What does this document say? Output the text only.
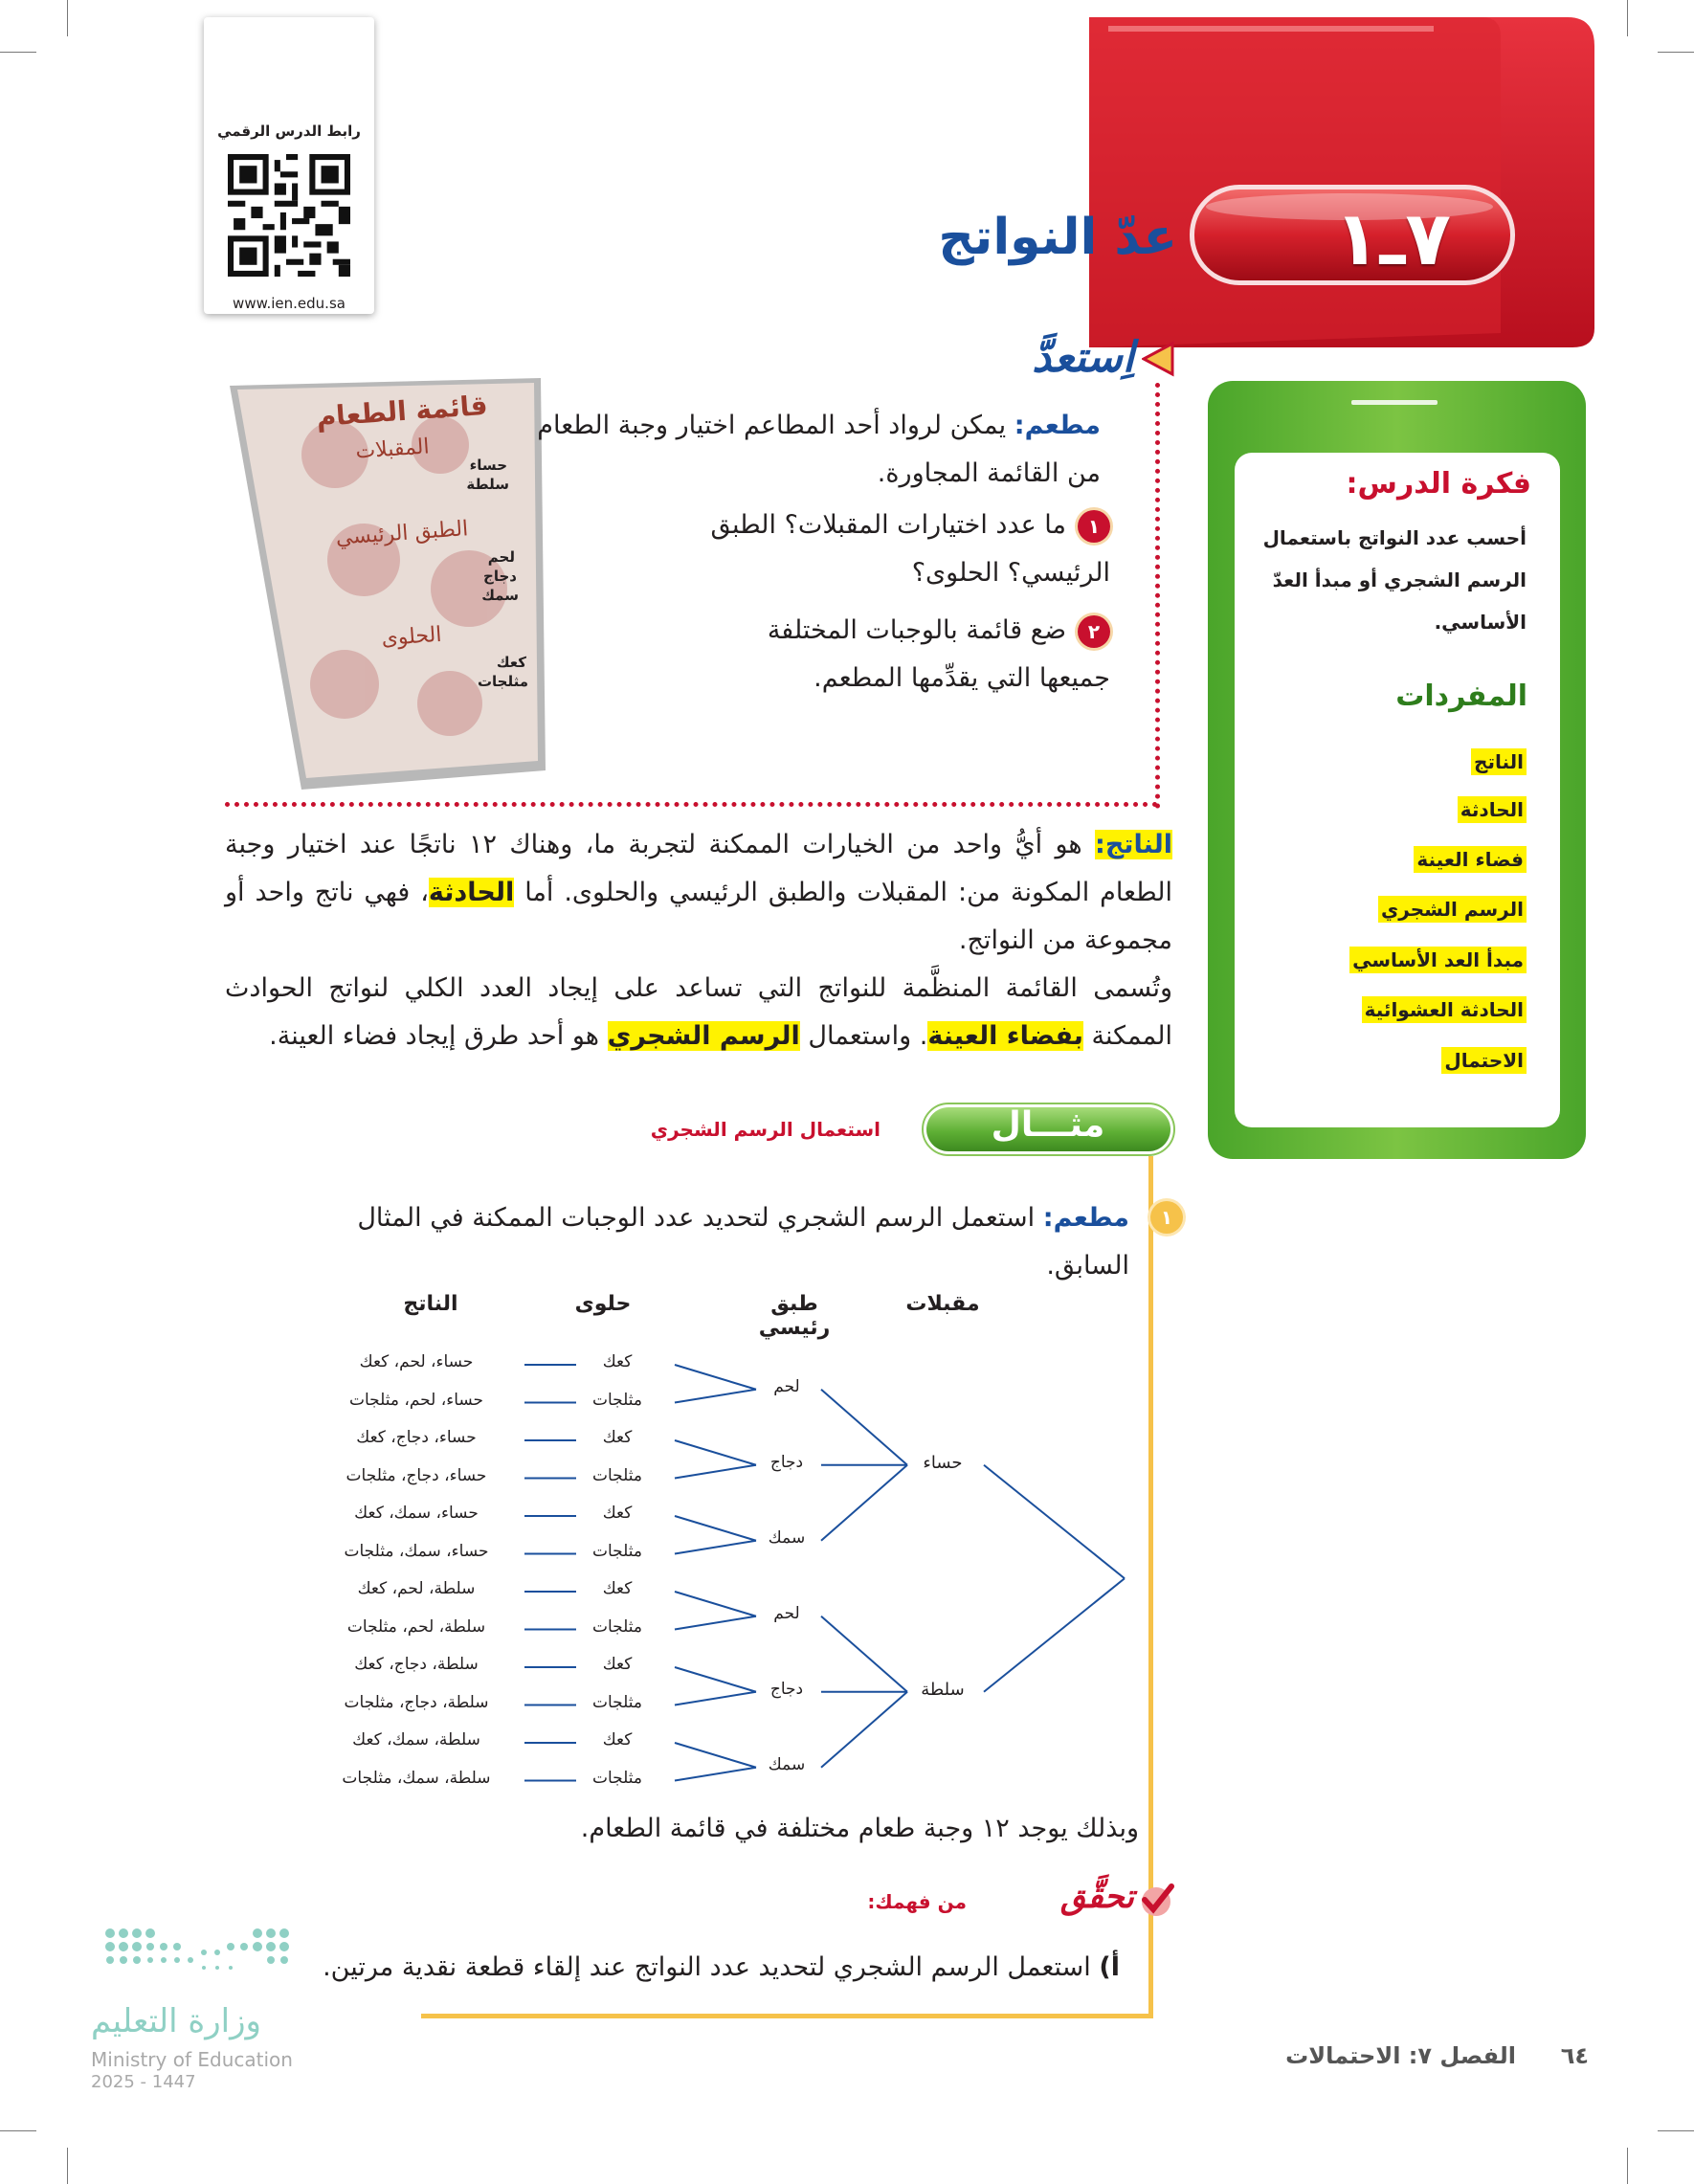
رابط الدرس الرقمي
www.ien.edu.sa
٧ـ١
عدّ النواتج
فكرة الدرس:
أحسب عدد النواتج باستعمال الرسم الشجري أو مبدأ العدّ الأساسي.
المفردات
الناتج
الحادثة
فضاء العينة
الرسم الشجري
مبدأ العد الأساسي
الحادثة العشوائية
الاحتمال
اِستعدَّ
قائمة الطعام
المقبلات
حساء
سلطة
الطبق الرئيسي
لحم
دجاج
سمك
الحلوى
كعك
مثلجات
مطعم: يمكن لرواد أحد المطاعم اختيار وجبة الطعام من القائمة المجاورة.
١ما عدد اختيارات المقبلات؟ الطبق الرئيسي؟ الحلوى؟
٢ضع قائمة بالوجبات المختلفة جميعها التي يقدِّمها المطعم.
الناتج: هو أيُّ واحد من الخيارات الممكنة لتجربة ما، وهناك ١٢ ناتجًا عند اختيار وجبة الطعام المكونة من: المقبلات والطبق الرئيسي والحلوى. أما الحادثة، فهي ناتج واحد أو مجموعة من النواتج.
وتُسمى القائمة المنظَّمة للنواتج التي تساعد على إيجاد العدد الكلي لنواتج الحوادث الممكنة بفضاء العينة. واستعمال الرسم الشجري هو أحد طرق إيجاد فضاء العينة.
مثـــال
استعمال الرسم الشجري
١
مطعم: استعمل الرسم الشجري لتحديد عدد الوجبات الممكنة في المثال السابق.
مقبلات
طبق رئيسي
حلوى
الناتج
حساء، لحم، كعك	كعك
حساء، لحم، مثلجات	مثلجات
لحم
حساء، دجاج، كعك	كعك
حساء، دجاج، مثلجات	مثلجات
دجاج
حساء، سمك، كعك	كعك
حساء، سمك، مثلجات	مثلجات
سمك
حساء
سلطة، لحم، كعك	كعك
سلطة، لحم، مثلجات	مثلجات
لحم
سلطة، دجاج، كعك	كعك
سلطة، دجاج، مثلجات	مثلجات
دجاج
سلطة، سمك، كعك	كعك
سلطة، سمك، مثلجات	مثلجات
سمك
سلطة
وبذلك يوجد ١٢ وجبة طعام مختلفة في قائمة الطعام.
تحقَّق
من فهمك:
أ) استعمل الرسم الشجري لتحديد عدد النواتج عند إلقاء قطعة نقدية مرتين.
وزارة التعليم
Ministry of Education
2025 - 1447
٦٤  الفصل ٧: الاحتمالات
